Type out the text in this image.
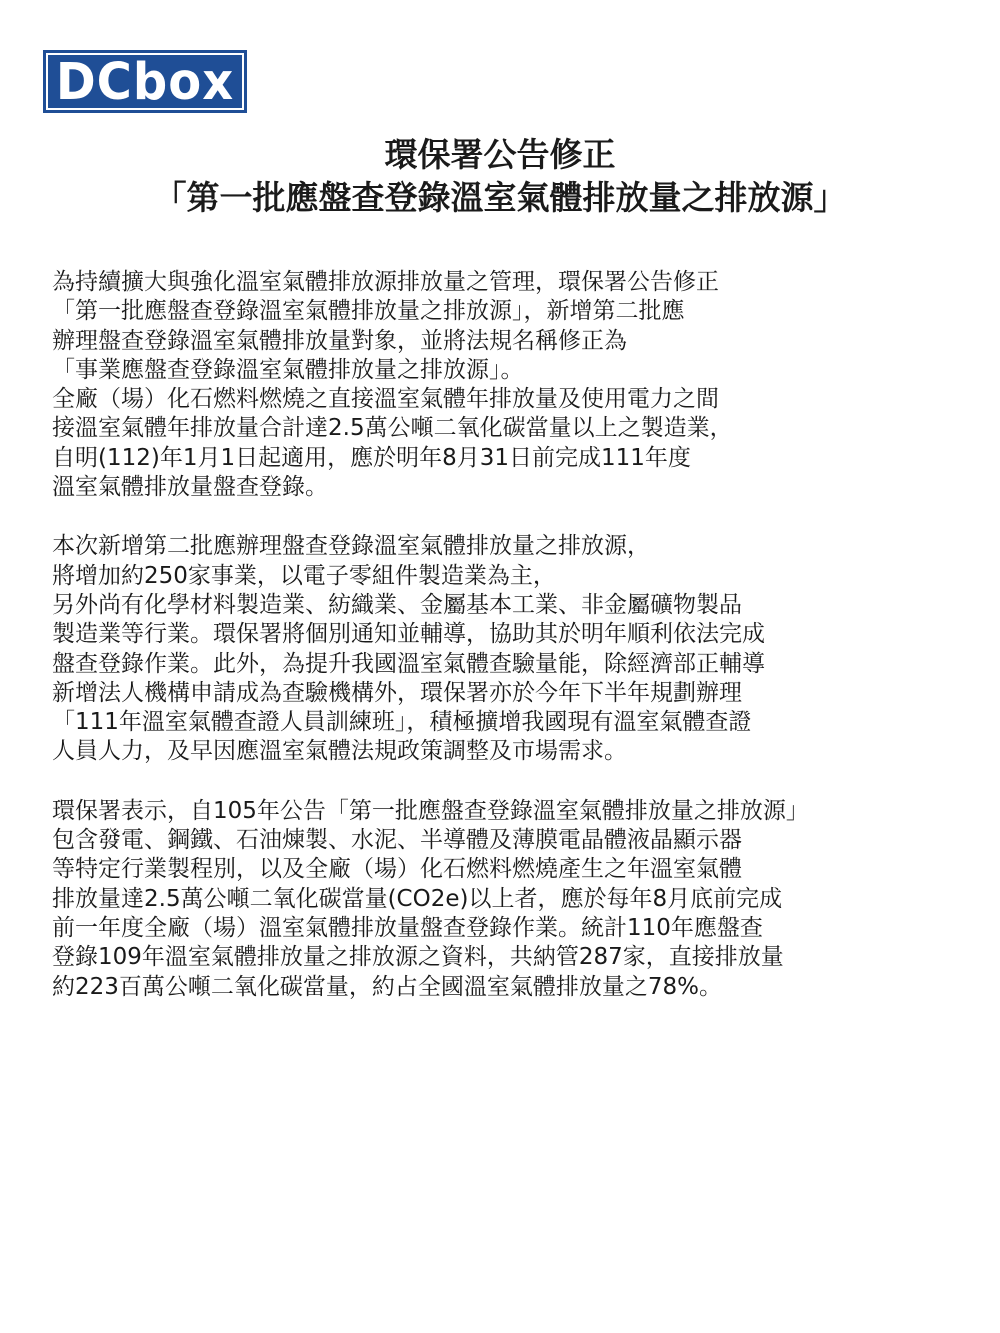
DCbox
環保署公告修正
「第一批應盤查登錄溫室氣體排放量之排放源」
為持續擴大與強化溫室氣體排放源排放量之管理，環保署公告修正
「第一批應盤查登錄溫室氣體排放量之排放源」，新增第二批應
辦理盤查登錄溫室氣體排放量對象，並將法規名稱修正為
「事業應盤查登錄溫室氣體排放量之排放源」。
全廠（場）化石燃料燃燒之直接溫室氣體年排放量及使用電力之間
接溫室氣體年排放量合計達2.5萬公噸二氧化碳當量以上之製造業，
自明(112)年1月1日起適用，應於明年8月31日前完成111年度
溫室氣體排放量盤查登錄。
本次新增第二批應辦理盤查登錄溫室氣體排放量之排放源，
將增加約250家事業，以電子零組件製造業為主，
另外尚有化學材料製造業、紡織業、金屬基本工業、非金屬礦物製品
製造業等行業。環保署將個別通知並輔導，協助其於明年順利依法完成
盤查登錄作業。此外，為提升我國溫室氣體查驗量能，除經濟部正輔導
新增法人機構申請成為查驗機構外，環保署亦於今年下半年規劃辦理
「111年溫室氣體查證人員訓練班」，積極擴增我國現有溫室氣體查證
人員人力，及早因應溫室氣體法規政策調整及市場需求。
環保署表示，自105年公告「第一批應盤查登錄溫室氣體排放量之排放源」
包含發電、鋼鐵、石油煉製、水泥、半導體及薄膜電晶體液晶顯示器
等特定行業製程別，以及全廠（場）化石燃料燃燒產生之年溫室氣體
排放量達2.5萬公噸二氧化碳當量(CO2e)以上者，應於每年8月底前完成
前一年度全廠（場）溫室氣體排放量盤查登錄作業。統計110年應盤查
登錄109年溫室氣體排放量之排放源之資料，共納管287家，直接排放量
約223百萬公噸二氧化碳當量，約占全國溫室氣體排放量之78%。
